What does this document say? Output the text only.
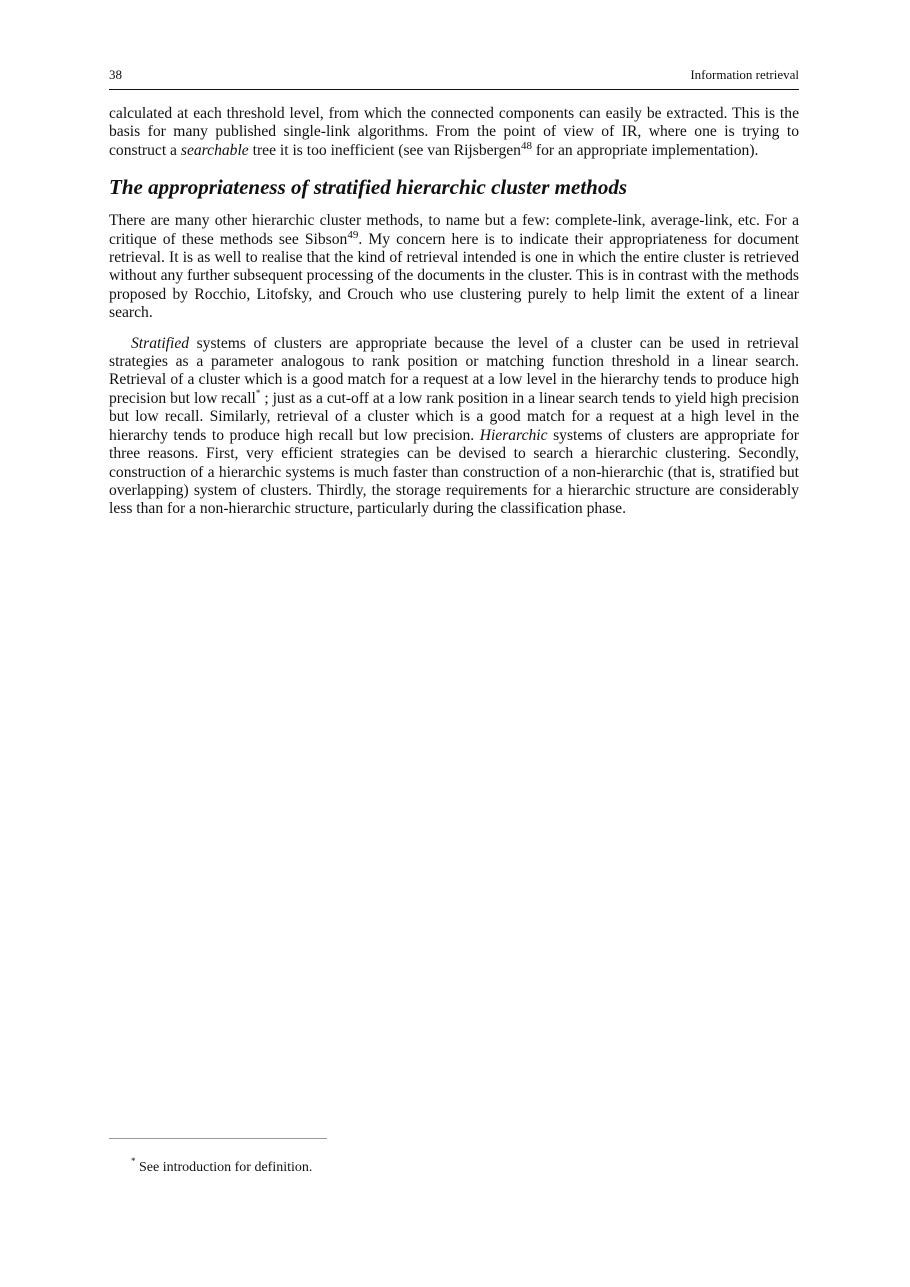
38	Information retrieval

calculated at each threshold level, from which the connected components can easily be extracted. This is the basis for many published single-link algorithms. From the point of view of IR, where one is trying to construct a searchable tree it is too inefficient (see van Rijsbergen$^{48}$ for an appropriate implementation).

The appropriateness of stratified hierarchic cluster methods

There are many other hierarchic cluster methods, to name but a few: complete-link, average-link, etc. For a critique of these methods see Sibson$^{49}$. My concern here is to indicate their appropriateness for document retrieval. It is as well to realise that the kind of retrieval intended is one in which the entire cluster is retrieved without any further subsequent processing of the documents in the cluster. This is in contrast with the methods proposed by Rocchio, Litofsky, and Crouch who use clustering purely to help limit the extent of a linear search.

Stratified systems of clusters are appropriate because the level of a cluster can be used in retrieval strategies as a parameter analogous to rank position or matching function threshold in a linear search. Retrieval of a cluster which is a good match for a request at a low level in the hierarchy tends to produce high precision but low recall* ; just as a cut-off at a low rank position in a linear search tends to yield high precision but low recall. Similarly, retrieval of a cluster which is a good match for a request at a high level in the hierarchy tends to produce high recall but low precision. Hierarchic systems of clusters are appropriate for three reasons. First, very efficient strategies can be devised to search a hierarchic clustering. Secondly, construction of a hierarchic systems is much faster than construction of a non-hierarchic (that is, stratified but overlapping) system of clusters. Thirdly, the storage requirements for a hierarchic structure are considerably less than for a non-hierarchic structure, particularly during the classification phase.

* See introduction for definition.
